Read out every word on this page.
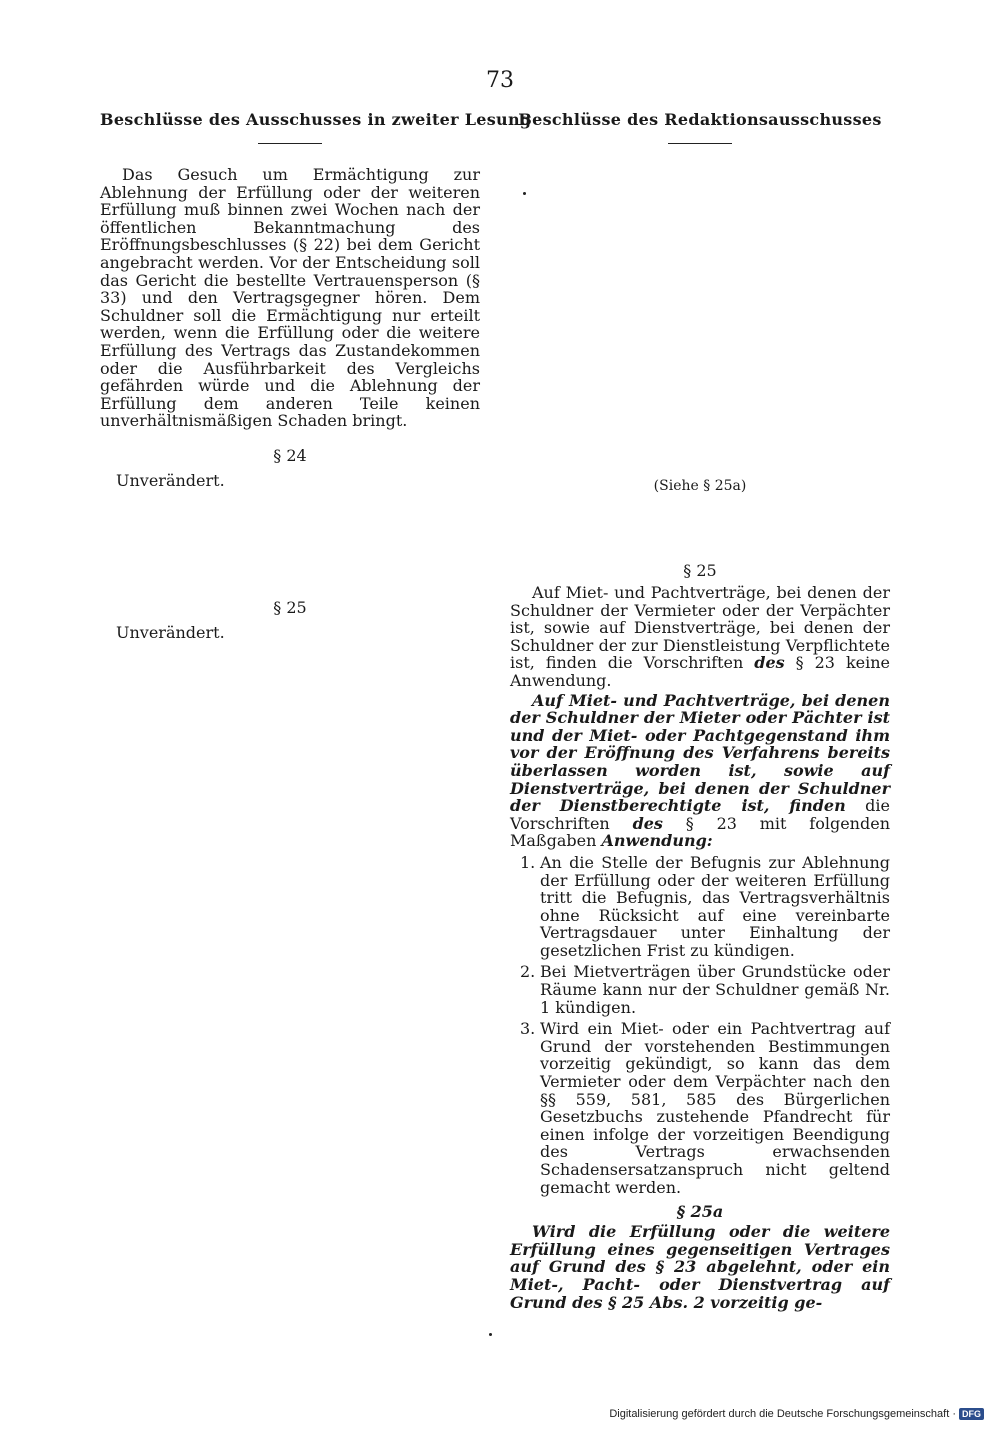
73
Beschlüsse des Ausschusses in zweiter Lesung

Das Gesuch um Ermächtigung zur Ablehnung der Erfüllung oder der weiteren Erfüllung muß binnen zwei Wochen nach der öffentlichen Bekanntmachung des Eröffnungsbeschlusses (§ 22) bei dem Gericht angebracht werden. Vor der Entscheidung soll das Gericht die bestellte Vertrauensperson (§ 33) und den Vertragsgegner hören. Dem Schuldner soll die Ermächtigung nur erteilt werden, wenn die Erfüllung oder die weitere Erfüllung des Vertrags das Zustandekommen oder die Ausführbarkeit des Vergleichs gefährden würde und die Ablehnung der Erfüllung dem anderen Teile keinen unverhältnismäßigen Schaden bringt.

§ 24

Unverändert.

§ 25

Unverändert.

Beschlüsse des Redaktionsausschusses
(Siehe § 25a)

§ 25

Auf Miet- und Pachtverträge, bei denen der Schuldner der Vermieter oder der Verpächter ist, sowie auf Dienstverträge, bei denen der Schuldner der zur Dienstleistung Verpflichtete ist, finden die Vorschriften des § 23 keine Anwendung.

Auf Miet- und Pachtverträge, bei denen der Schuldner der Mieter oder Pächter ist und der Miet- oder Pachtgegenstand ihm vor der Eröffnung des Verfahrens bereits überlassen worden ist, sowie auf Dienstverträge, bei denen der Schuldner der Dienstberechtigte ist, finden die Vorschriften des § 23 mit folgenden Maßgaben Anwendung:

1. An die Stelle der Befugnis zur Ablehnung der Erfüllung oder der weiteren Erfüllung tritt die Befugnis, das Vertragsverhältnis ohne Rücksicht auf eine vereinbarte Vertragsdauer unter Einhaltung der gesetzlichen Frist zu kündigen.
2. Bei Mietverträgen über Grundstücke oder Räume kann nur der Schuldner gemäß Nr. 1 kündigen.
3. Wird ein Miet- oder ein Pachtvertrag auf Grund der vorstehenden Bestimmungen vorzeitig gekündigt, so kann das dem Vermieter oder dem Verpächter nach den §§ 559, 581, 585 des Bürgerlichen Gesetzbuchs zustehende Pfandrecht für einen infolge der vorzeitigen Beendigung des Vertrags erwachsenden Schadensersatzanspruch nicht geltend gemacht werden.

§ 25a

Wird die Erfüllung oder die weitere Erfüllung eines gegenseitigen Vertrages auf Grund des § 23 abgelehnt, oder ein Miet-, Pacht- oder Dienstvertrag auf Grund des § 25 Abs. 2 vorzeitig ge-

Digitalisierung gefördert durch die Deutsche Forschungsgemeinschaft · DFG
